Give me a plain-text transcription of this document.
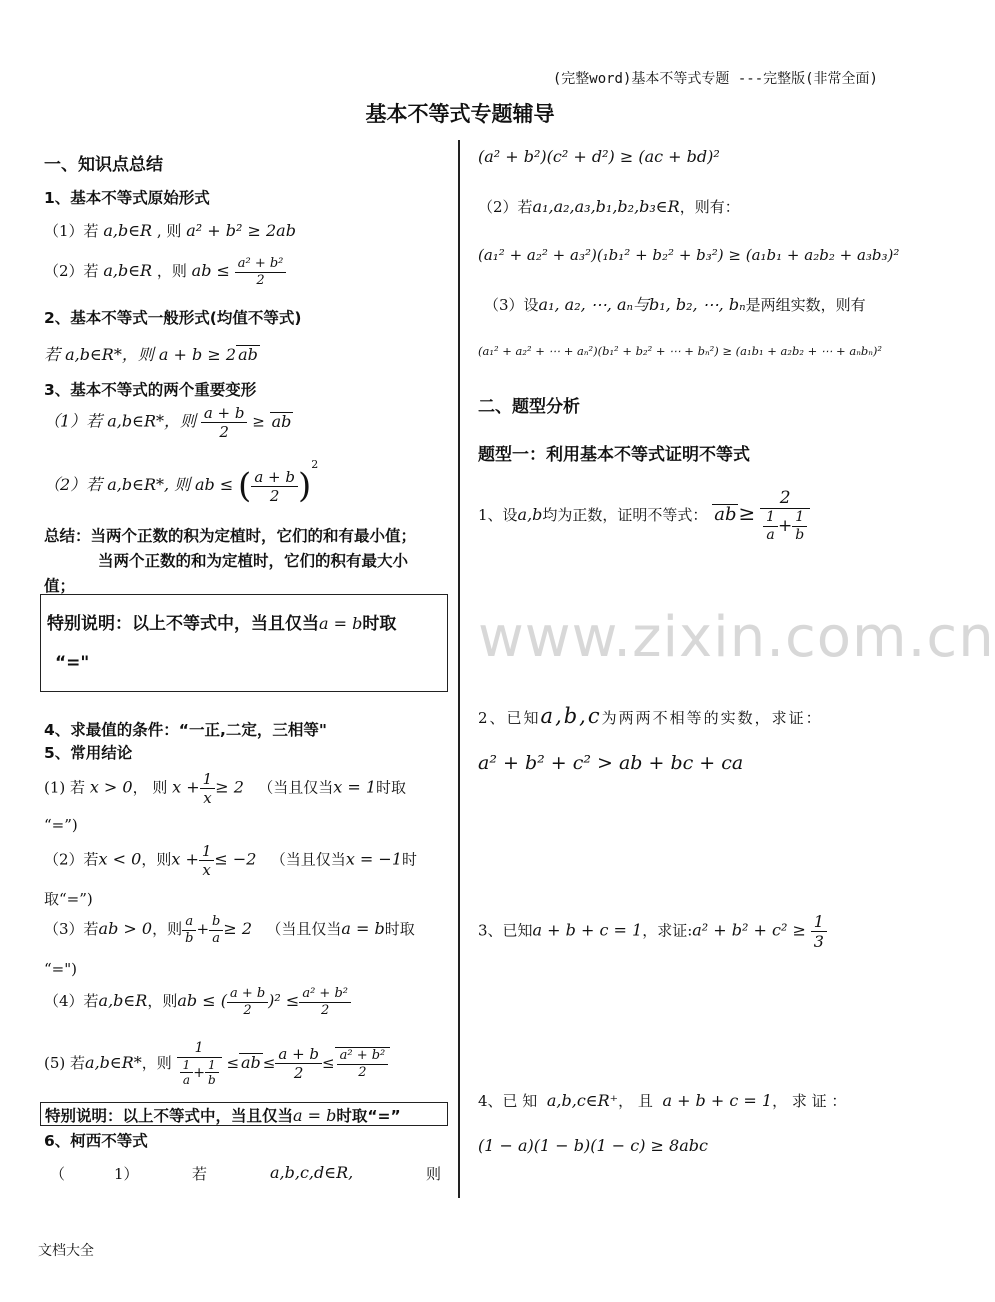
(完整word)基本不等式专题 ---完整版(非常全面)
基本不等式专题辅导
www.zixin.com.cn
一、知识点总结
1、基本不等式原始形式
（1）若 a,b∈R , 则 a² + b² ≥ 2ab
（2）若 a,b∈R ，则 ab ≤ $\frac{\text{a² + b²}}{2}$
2、基本不等式一般形式(均值不等式)
若 a,b∈R*，则 a + b ≥ 2 ab
3、基本不等式的两个重要变形
（1）若 a,b∈R*，则 $\frac{a + b}{2}$ ≥ ab
（2）若 a,b∈R*, 则 ab ≤ ( $\frac{a + b}{2} )^2$
总结：当两个正数的积为定植时，它们的和有最小值；
当两个正数的和为定植时，它们的积有最大小
值；
特别说明：以上不等式中，当且仅当a = b时取
“="
4、求最值的条件：“一正,二定，三相等"
5、常用结论
(1) 若 x > 0， 则 $x + \frac{1}{x} \ge 2$ （当且仅当x = 1时取
“=”)
（2）若x < 0，则$x + \frac{1}{x} \le -2$ （当且仅当x = −1时
取“=”)
（3）若ab > 0，则 $\frac{a}{b} + \frac{b}{a} \ge 2$ （当且仅当a = b时取
“=")
（4）若a,b∈R，则ab ≤ ( $\frac{a + b}{2} )^2 \le \frac{\text{a² + b²}}{2}$
(5) 若a,b∈R*，则 $\frac{1}{\frac{1}{a} + \frac{1}{b}}$ ≤ ab ≤ $\frac{a + b}{2} \le \frac{\text{a² + b²}}{2}$
特别说明：以上不等式中，当且仅当a = b时取“=”
6、柯西不等式
（	1）	若	a,b,c,d∈R,	则
(a² + b²)(c² + d²) ≥ (ac + bd)²
（2）若a₁,a₂,a₃,b₁,b₂,b₃∈R，则有：
(a₁² + a₂² + a₃²)(₁b₁² + b₂² + b₃²) ≥ (a₁b₁ + a₂b₂ + a₃b₃)²
（3）设a₁, a₂, ⋯, aₙ与b₁, b₂, ⋯, bₙ是两组实数，则有
(a₁² + a₂² + ⋯ + aₙ²)(b₁² + b₂² + ⋯ + bₙ²) ≥ (a₁b₁ + a₂b₂ + ⋯ + aₙbₙ)²
二、题型分析
题型一：利用基本不等式证明不等式
1、设a,b均为正数，证明不等式： ab ≥ $\frac{2}{\frac{1}{a} + \frac{1}{b}}$
2、已知a,b,c为两两不相等的实数，求证：
a² + b² + c² > ab + bc + ca
3、已知a + b + c = 1，求证:a² + $b^2 + c^2 \ge \frac{1}{3}$
4、已 知 a,b,c∈R⁺， 且 a + b + c = 1， 求 证 ：
(1 − a)(1 − b)(1 − c) ≥ 8abc
文档大全
